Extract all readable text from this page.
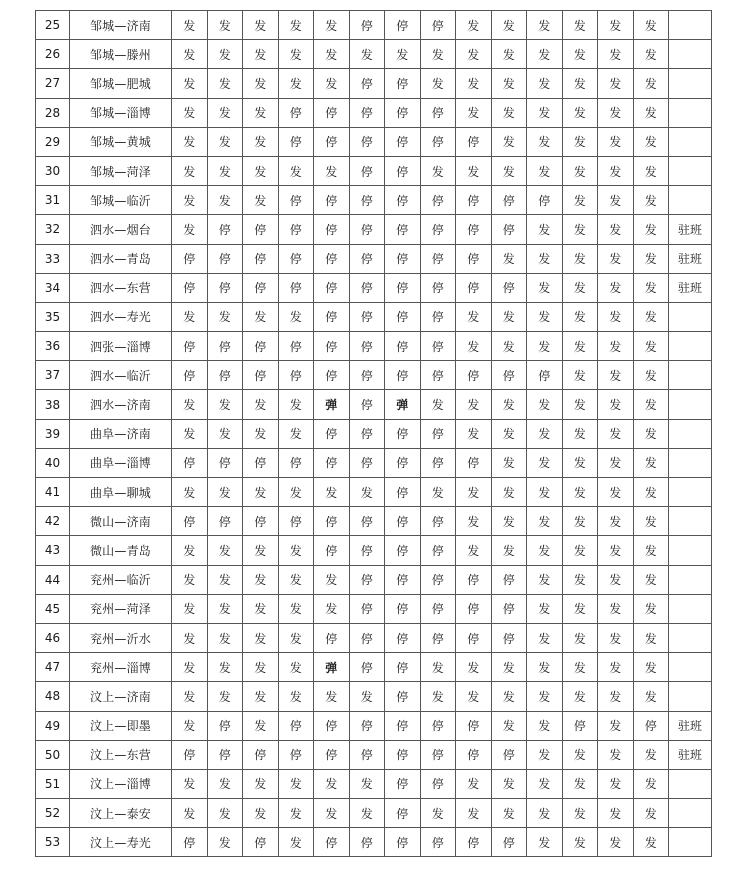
25	邹城—济南	发	发	发	发	发	停	停	停	发	发	发	发	发	发	
26	邹城—滕州	发	发	发	发	发	发	发	发	发	发	发	发	发	发	
27	邹城—肥城	发	发	发	发	发	停	停	发	发	发	发	发	发	发	
28	邹城—淄博	发	发	发	停	停	停	停	停	发	发	发	发	发	发	
29	邹城—黄城	发	发	发	停	停	停	停	停	停	发	发	发	发	发	
30	邹城—菏泽	发	发	发	发	发	停	停	发	发	发	发	发	发	发	
31	邹城—临沂	发	发	发	停	停	停	停	停	停	停	停	发	发	发	
32	泗水—烟台	发	停	停	停	停	停	停	停	停	停	发	发	发	发	驻班
33	泗水—青岛	停	停	停	停	停	停	停	停	停	发	发	发	发	发	驻班
34	泗水—东营	停	停	停	停	停	停	停	停	停	停	发	发	发	发	驻班
35	泗水—寿光	发	发	发	发	停	停	停	停	发	发	发	发	发	发	
36	泗张—淄博	停	停	停	停	停	停	停	停	发	发	发	发	发	发	
37	泗水—临沂	停	停	停	停	停	停	停	停	停	停	停	发	发	发	
38	泗水—济南	发	发	发	发	弹	停	弹	发	发	发	发	发	发	发	
39	曲阜—济南	发	发	发	发	停	停	停	停	发	发	发	发	发	发	
40	曲阜—淄博	停	停	停	停	停	停	停	停	停	发	发	发	发	发	
41	曲阜—聊城	发	发	发	发	发	发	停	发	发	发	发	发	发	发	
42	微山—济南	停	停	停	停	停	停	停	停	发	发	发	发	发	发	
43	微山—青岛	发	发	发	发	停	停	停	停	发	发	发	发	发	发	
44	兖州—临沂	发	发	发	发	发	停	停	停	停	停	发	发	发	发	
45	兖州—菏泽	发	发	发	发	发	停	停	停	停	停	发	发	发	发	
46	兖州—沂水	发	发	发	发	停	停	停	停	停	停	发	发	发	发	
47	兖州—淄博	发	发	发	发	弹	停	停	发	发	发	发	发	发	发	
48	汶上—济南	发	发	发	发	发	发	停	发	发	发	发	发	发	发	
49	汶上—即墨	发	停	发	停	停	停	停	停	停	发	发	停	发	停	驻班
50	汶上—东营	停	停	停	停	停	停	停	停	停	停	发	发	发	发	驻班
51	汶上—淄博	发	发	发	发	发	发	停	停	发	发	发	发	发	发	
52	汶上—泰安	发	发	发	发	发	发	停	发	发	发	发	发	发	发	
53	汶上—寿光	停	发	停	发	停	停	停	停	停	停	发	发	发	发	
